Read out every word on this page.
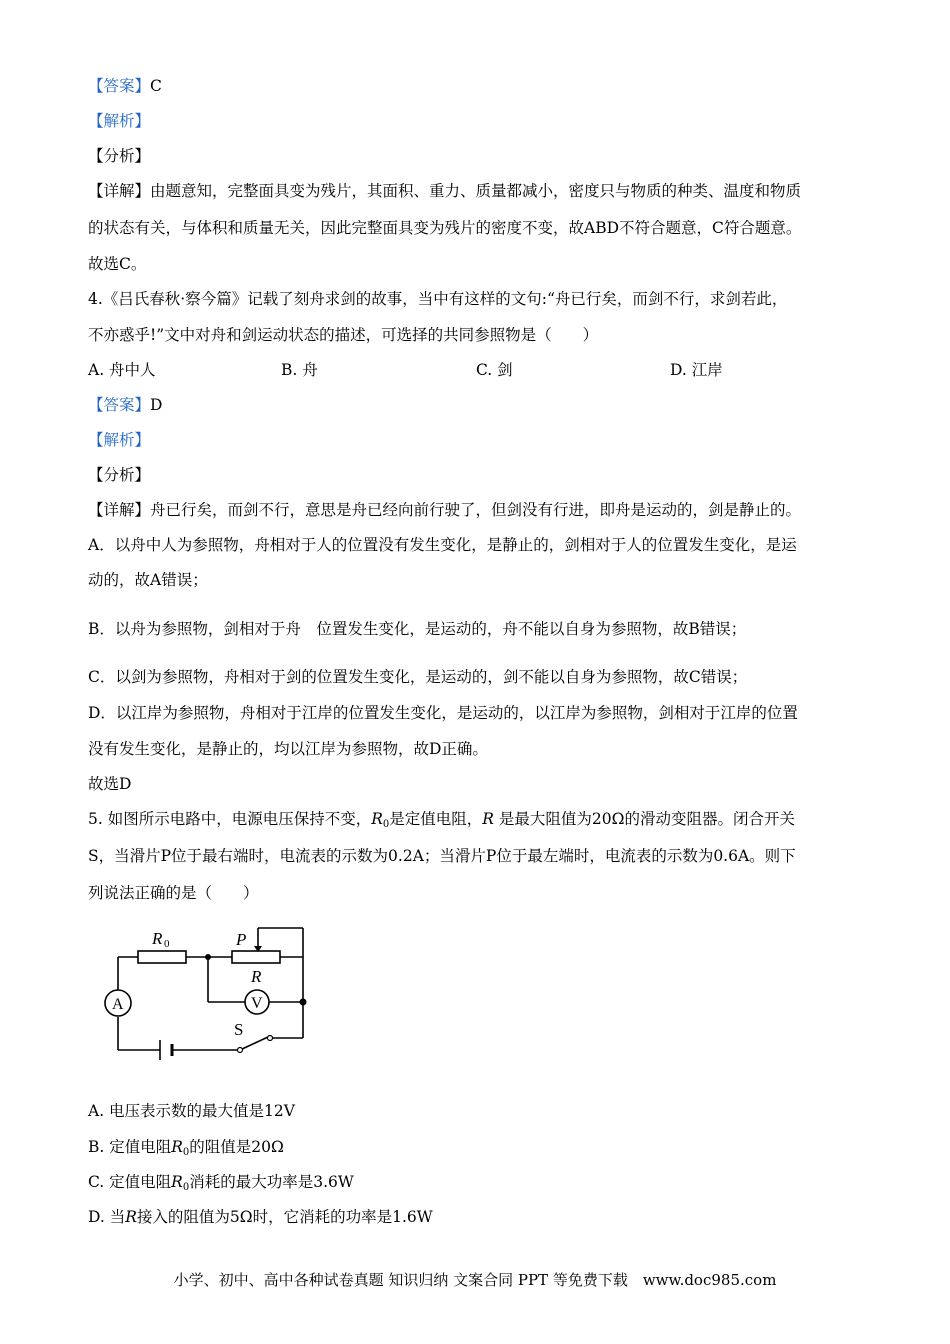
【答案】C
【解析】
【分析】
【详解】由题意知，完整面具变为残片，其面积、重力、质量都减小，密度只与物质的种类、温度和物质
的状态有关，与体积和质量无关，因此完整面具变为残片的密度不变，故ABD不符合题意，C符合题意。
故选C。
4.《吕氏春秋·察今篇》记载了刻舟求剑的故事，当中有这样的文句:“舟已行矣，而剑不行，求剑若此，
不亦惑乎!”文中对舟和剑运动状态的描述，可选择的共同参照物是（　　）
A. 舟中人	B. 舟	C. 剑	D. 江岸
【答案】D
【解析】
【分析】
【详解】舟已行矣，而剑不行，意思是舟已经向前行驶了，但剑没有行进，即舟是运动的，剑是静止的。
A．以舟中人为参照物，舟相对于人的位置没有发生变化，是静止的，剑相对于人的位置发生变化，是运
动的，故A错误；
B．以舟为参照物，剑相对于舟　位置发生变化，是运动的，舟不能以自身为参照物，故B错误；
C．以剑为参照物，舟相对于剑的位置发生变化，是运动的，剑不能以自身为参照物，故C错误；
D．以江岸为参照物，舟相对于江岸的位置发生变化，是运动的，以江岸为参照物，剑相对于江岸的位置
没有发生变化，是静止的，均以江岸为参照物，故D正确。
故选D
5. 如图所示电路中，电源电压保持不变，$R_0$是定值电阻，R 是最大阻值为20Ω的滑动变阻器。闭合开关
S，当滑片P位于最右端时，电流表的示数为0.2A；当滑片P位于最左端时，电流表的示数为0.6A。则下
列说法正确的是（　　）
R 0	P
R
V
A
S
A. 电压表示数的最大值是12V
B. 定值电阻$R_0$的阻值是20Ω
C. 定值电阻$R_0$消耗的最大功率是3.6W
D. 当R接入的阻值为5Ω时，它消耗的功率是1.6W
小学、初中、高中各种试卷真题 知识归纳 文案合同 PPT 等免费下载　www.doc985.com
